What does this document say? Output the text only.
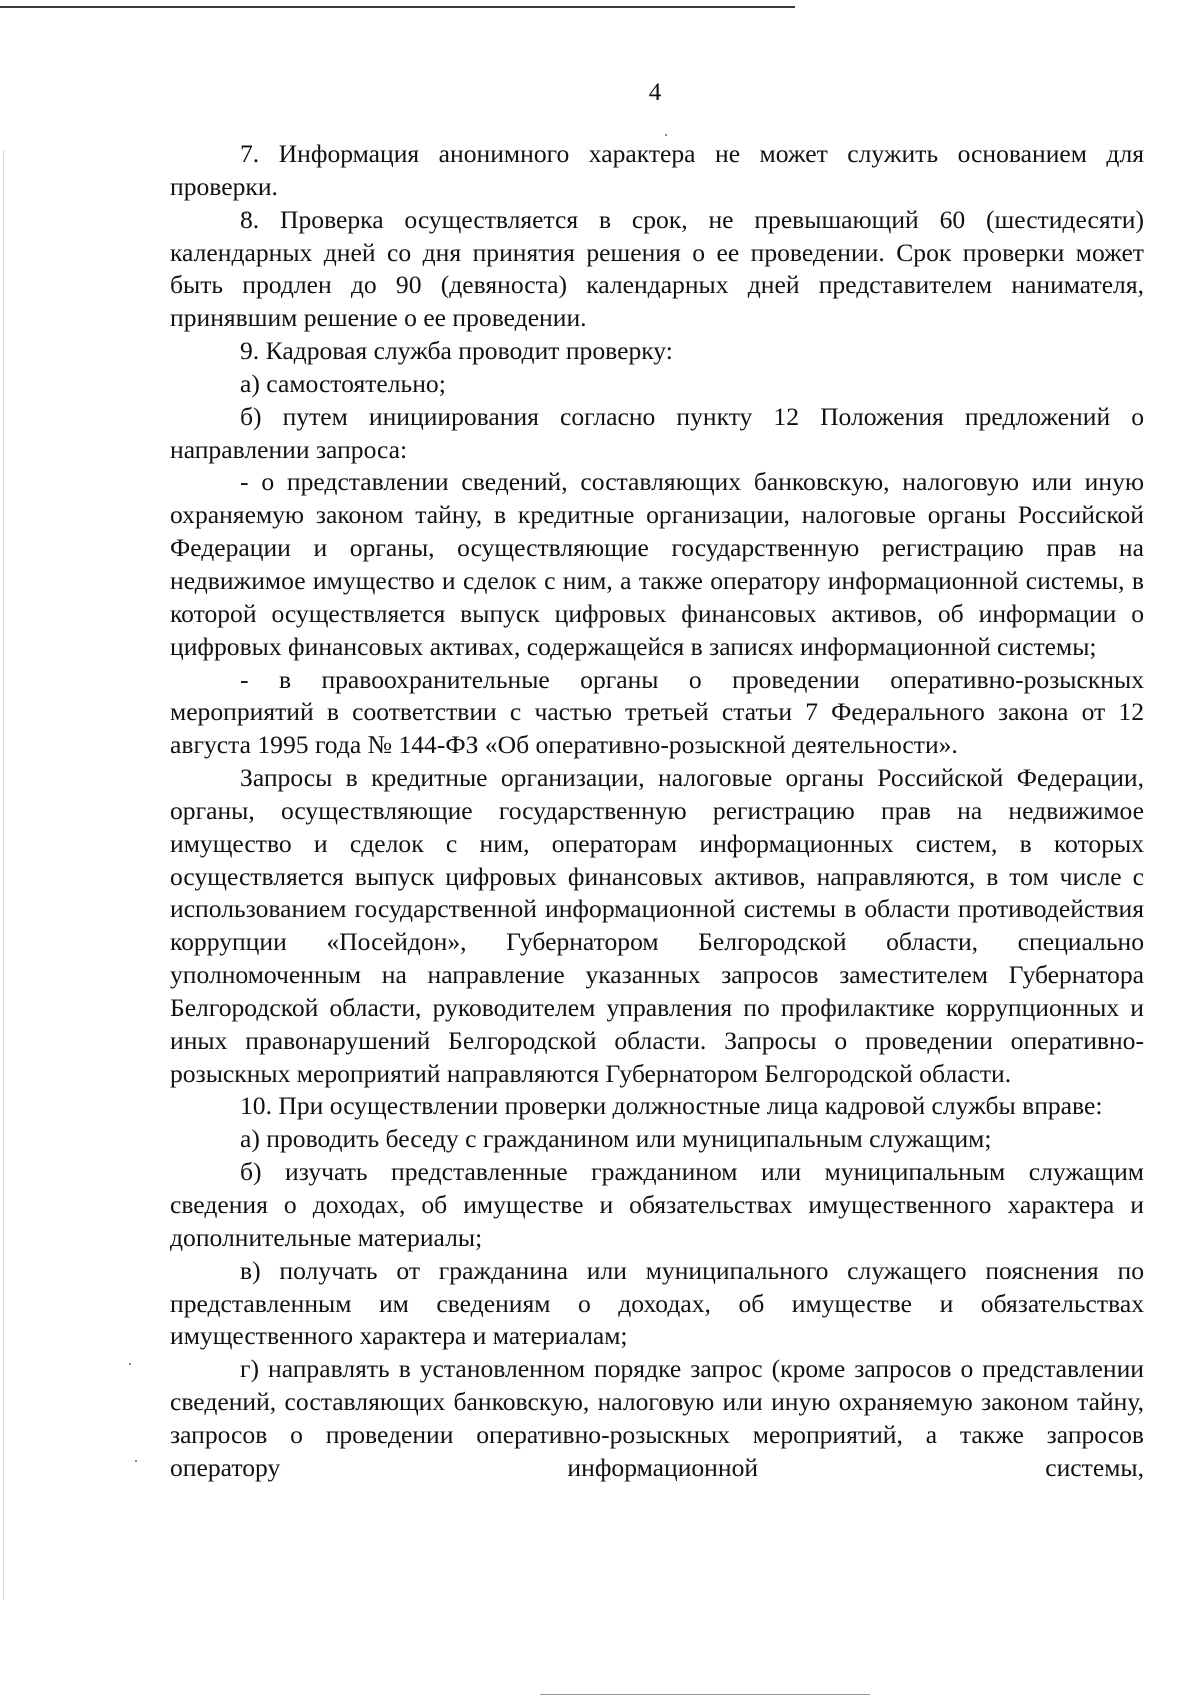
4

7. Информация анонимного характера не может служить основанием для проверки.

8. Проверка осуществляется в срок, не превышающий 60 (шестидесяти) календарных дней со дня принятия решения о ее проведении. Срок проверки может быть продлен до 90 (девяноста) календарных дней представителем нанимателя, принявшим решение о ее проведении.

9. Кадровая служба проводит проверку:

а) самостоятельно;

б) путем инициирования согласно пункту 12 Положения предложений о направлении запроса:

- о представлении сведений, составляющих банковскую, налоговую или иную охраняемую законом тайну, в кредитные организации, налоговые органы Российской Федерации и органы, осуществляющие государственную регистрацию прав на недвижимое имущество и сделок с ним, а также оператору информационной системы, в которой осуществляется выпуск цифровых финансовых активов, об информации о цифровых финансовых активах, содержащейся в записях информационной системы;

- в правоохранительные органы о проведении оперативно-розыскных мероприятий в соответствии с частью третьей статьи 7 Федерального закона от 12 августа 1995 года № 144-ФЗ «Об оперативно-розыскной деятельности».

Запросы в кредитные организации, налоговые органы Российской Федерации, органы, осуществляющие государственную регистрацию прав на недвижимое имущество и сделок с ним, операторам информационных систем, в которых осуществляется выпуск цифровых финансовых активов, направляются, в том числе с использованием государственной информационной системы в области противодействия коррупции «Посейдон», Губернатором Белгородской области, специально уполномоченным на направление указанных запросов заместителем Губернатора Белгородской области, руководителем управления по профилактике коррупционных и иных правонарушений Белгородской области. Запросы о проведении оперативно-розыскных мероприятий направляются Губернатором Белгородской области.

10. При осуществлении проверки должностные лица кадровой службы вправе:

а) проводить беседу с гражданином или муниципальным служащим;

б) изучать представленные гражданином или муниципальным служащим сведения о доходах, об имуществе и обязательствах имущественного характера и дополнительные материалы;

в) получать от гражданина или муниципального служащего пояснения по представленным им сведениям о доходах, об имуществе и обязательствах имущественного характера и материалам;

г) направлять в установленном порядке запрос (кроме запросов о представлении сведений, составляющих банковскую, налоговую или иную охраняемую законом тайну, запросов о проведении оперативно-розыскных мероприятий, а также запросов оператору информационной системы,
